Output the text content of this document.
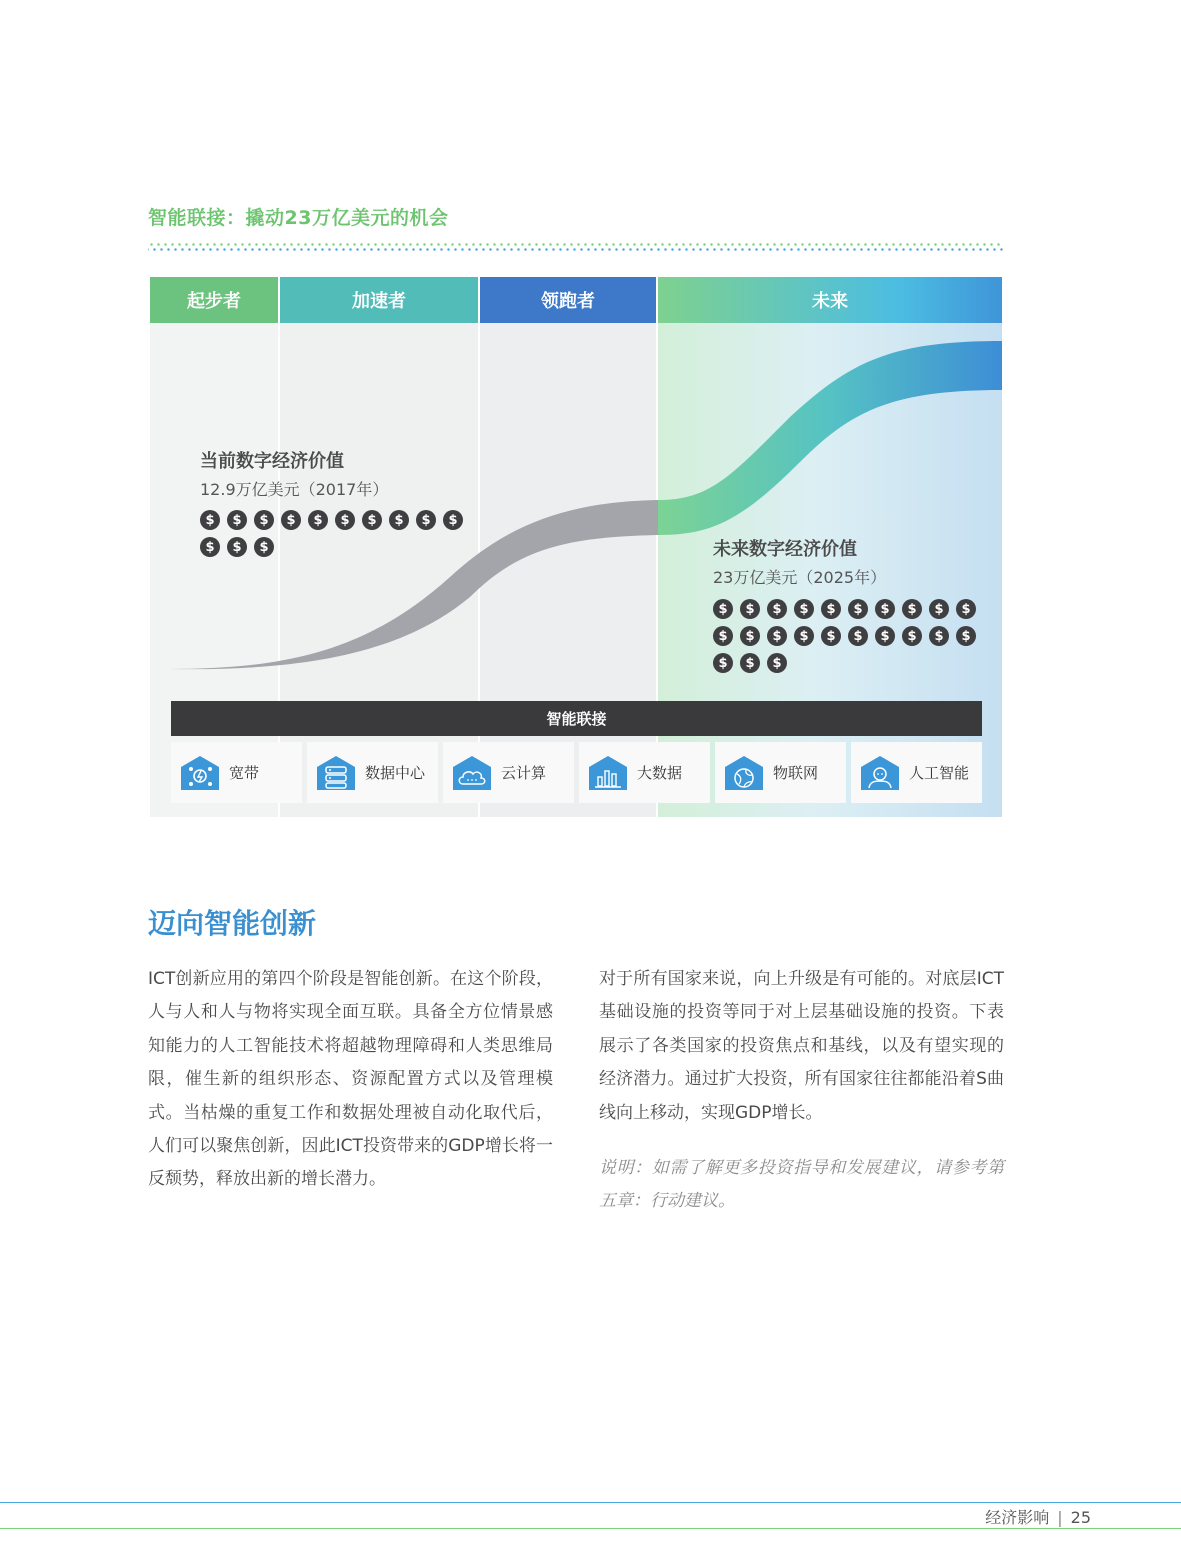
智能联接：撬动23万亿美元的机会
起步者	加速者	领跑者	未来
当前数字经济价值
12.9万亿美元（2017年）
$	$	$	$	$	$	$	$	$	$
$	$	$	未来数字经济价值
23万亿美元（2025年）
$	$	$	$	$	$	$	$	$	$
$	$	$	$	$	$	$	$	$	$
$	$	$
智能联接
宽带	数据中心	云计算	大数据	物联网	人工智能
迈向智能创新
ICT创新应用的第四个阶段是智能创新。在这个阶段，人与人和人与物将实现全面互联。具备全方位情景感知能力的人工智能技术将超越物理障碍和人类思维局限，催生新的组织形态、资源配置方式以及管理模式。当枯燥的重复工作和数据处理被自动化取代后，人们可以聚焦创新，因此ICT投资带来的GDP增长将一反颓势，释放出新的增长潜力。
对于所有国家来说，向上升级是有可能的。对底层ICT基础设施的投资等同于对上层基础设施的投资。下表展示了各类国家的投资焦点和基线，以及有望实现的经济潜力。通过扩大投资，所有国家往往都能沿着S曲线向上移动，实现GDP增长。
说明：如需了解更多投资指导和发展建议，请参考第五章：行动建议。
经济影响 | 25
